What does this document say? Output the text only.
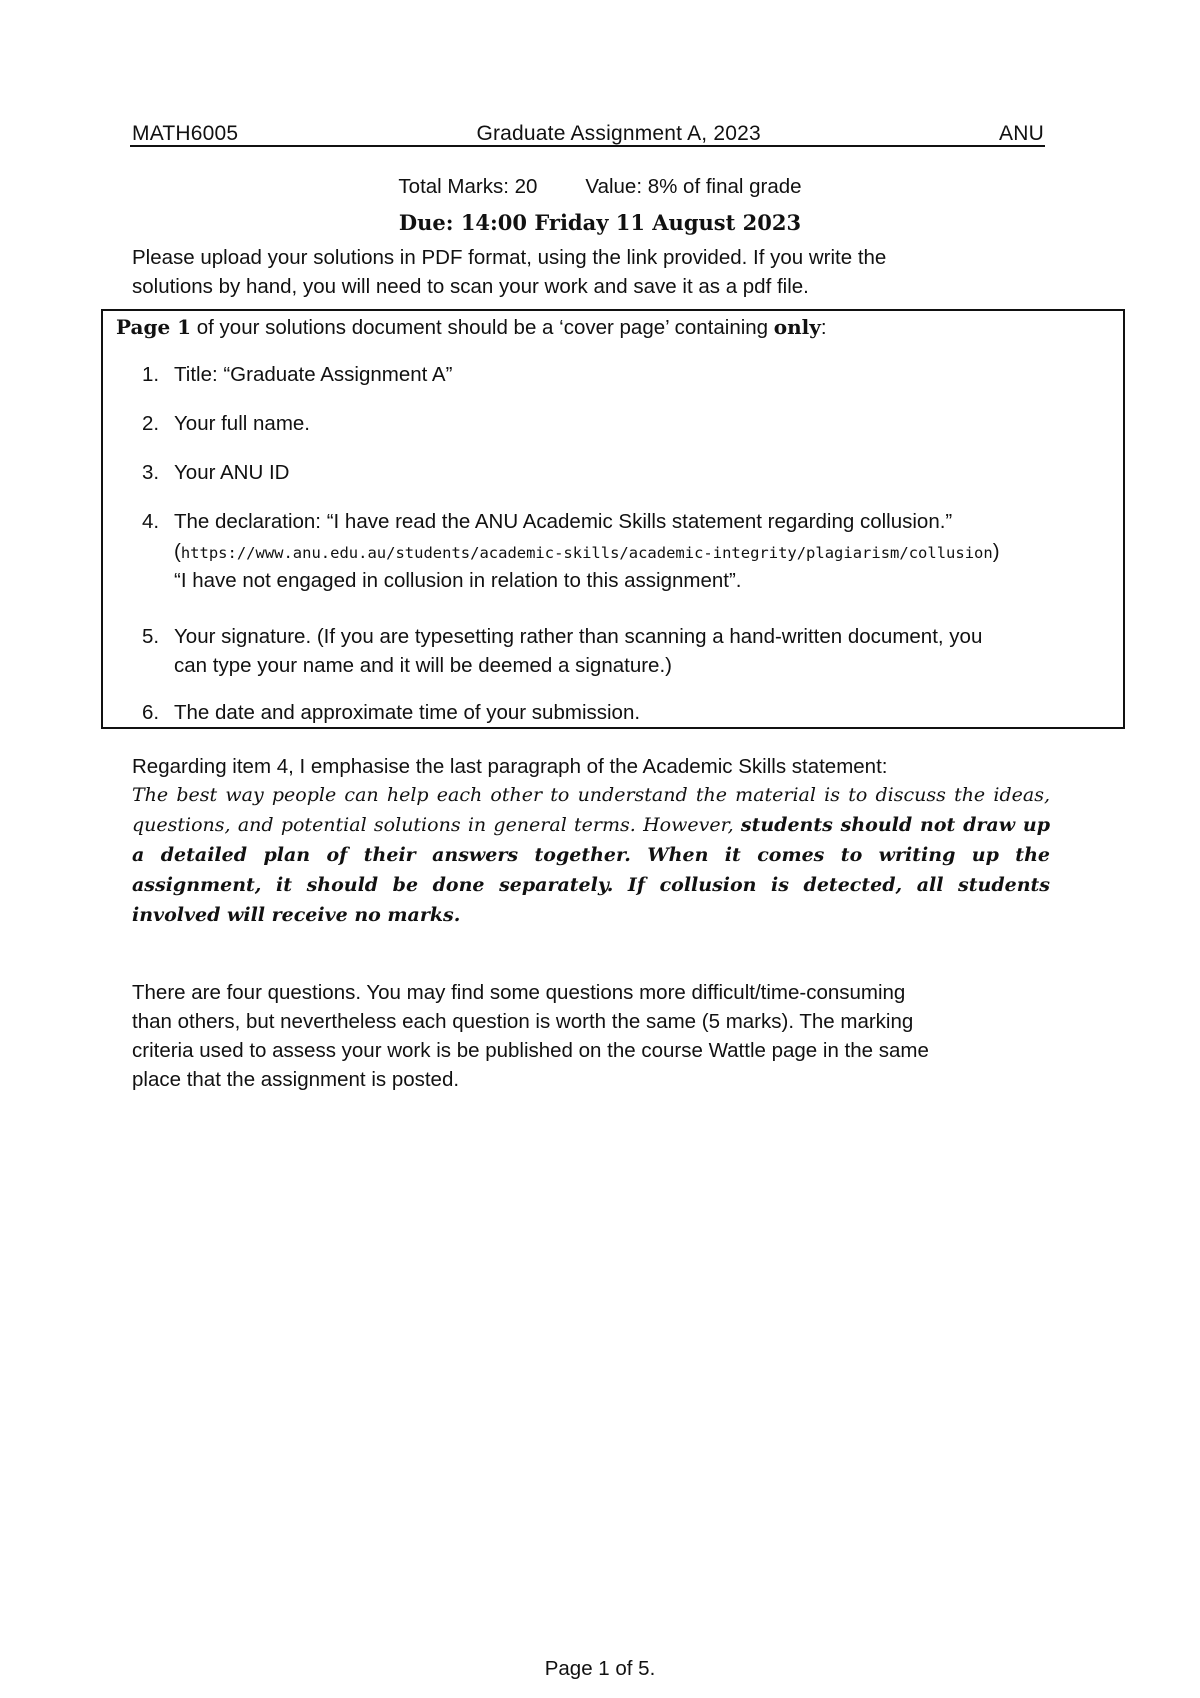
MATH6005	Graduate Assignment A, 2023	ANU
Total Marks: 20 Value: 8% of final grade
Due: 14:00 Friday 11 August 2023
Please upload your solutions in PDF format, using the link provided. If you write the
solutions by hand, you will need to scan your work and save it as a pdf file.
Page 1 of your solutions document should be a ‘cover page’ containing only:
1. Title: “Graduate Assignment A”
2. Your full name.
3. Your ANU ID
4. The declaration: “I have read the ANU Academic Skills statement regarding collusion.”
(https://www.anu.edu.au/students/academic-skills/academic-integrity/plagiarism/collusion)
“I have not engaged in collusion in relation to this assignment”.
5. Your signature. (If you are typesetting rather than scanning a hand-written document, you
can type your name and it will be deemed a signature.)
6. The date and approximate time of your submission.
Regarding item 4, I emphasise the last paragraph of the Academic Skills statement:
The best way people can help each other to understand the material is to discuss the ideas, questions, and potential solutions in general terms. However, students should not draw up a detailed plan of their answers together. When it comes to writing up the assignment, it should be done separately. If collusion is detected, all students involved will receive no marks.
There are four questions. You may find some questions more difficult/time-consuming
than others, but nevertheless each question is worth the same (5 marks). The marking
criteria used to assess your work is be published on the course Wattle page in the same
place that the assignment is posted.
Page 1 of 5.
